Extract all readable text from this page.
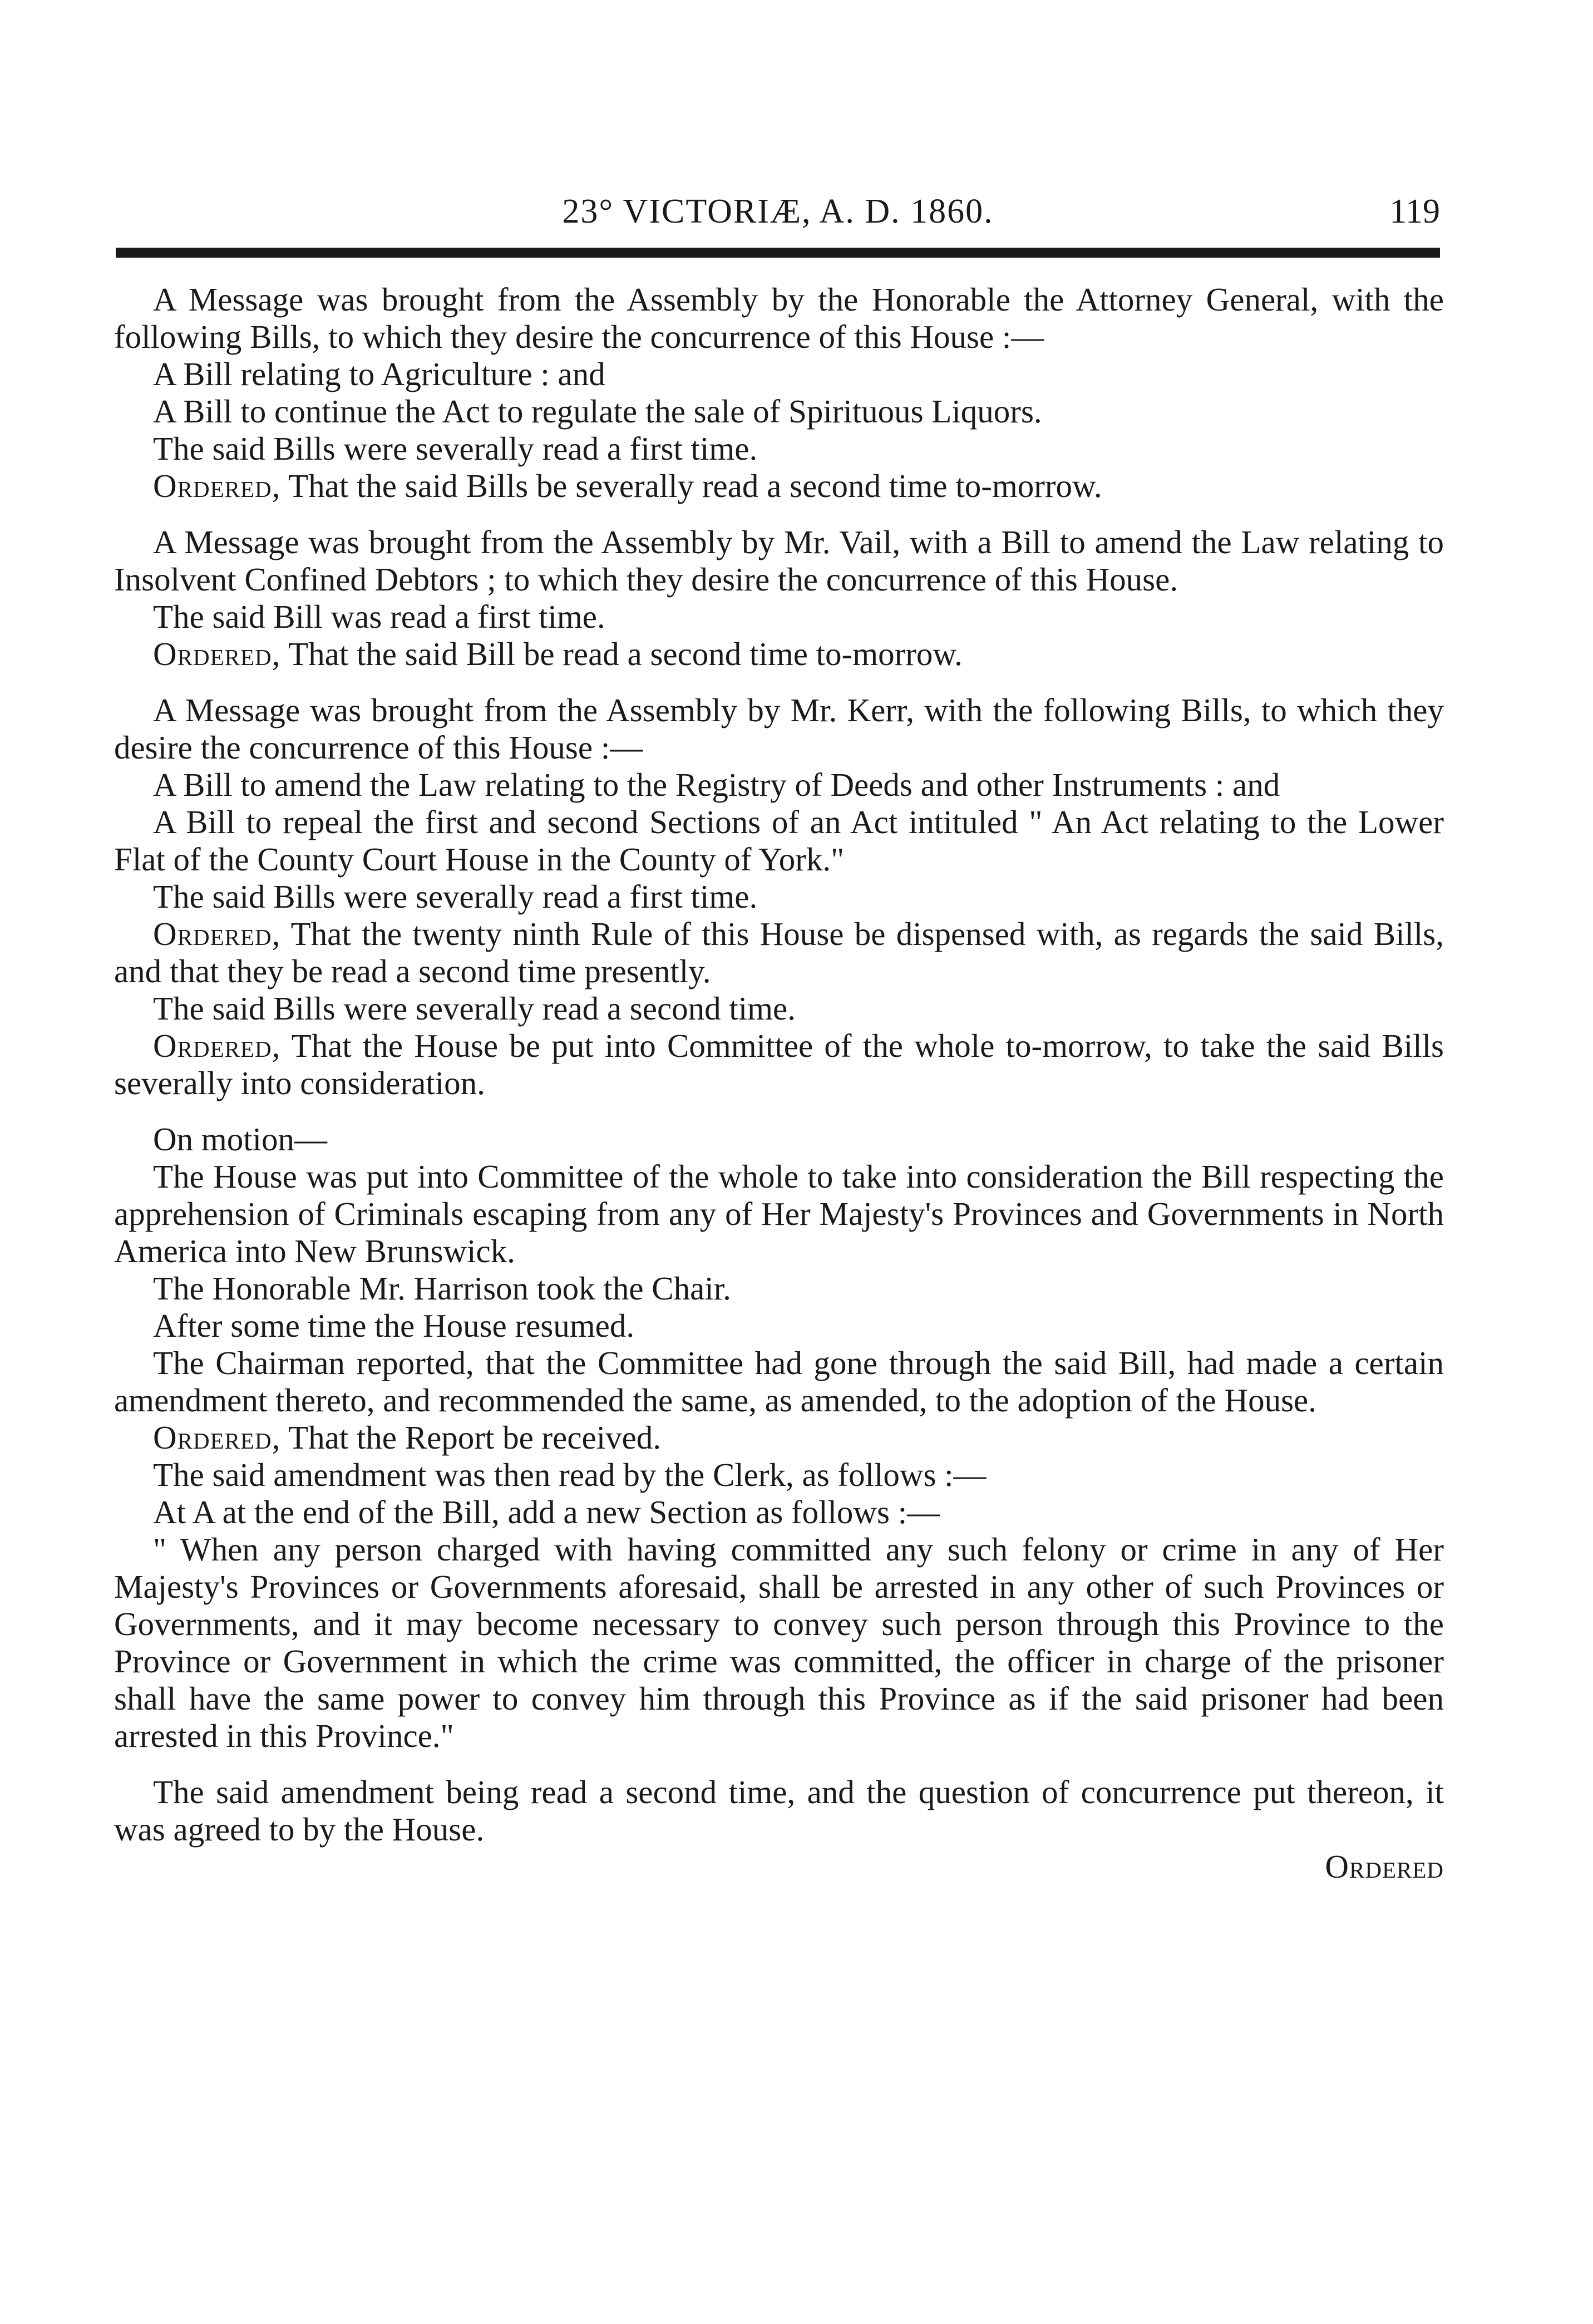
23° VICTORIÆ, A. D. 1860.	119

A Message was brought from the Assembly by the Honorable the Attorney General, with the following Bills, to which they desire the concurrence of this House :—

A Bill relating to Agriculture : and

A Bill to continue the Act to regulate the sale of Spirituous Liquors.

The said Bills were severally read a first time.

Ordered, That the said Bills be severally read a second time to-morrow.

A Message was brought from the Assembly by Mr. Vail, with a Bill to amend the Law relating to Insolvent Confined Debtors ; to which they desire the concurrence of this House.

The said Bill was read a first time.

Ordered, That the said Bill be read a second time to-morrow.

A Message was brought from the Assembly by Mr. Kerr, with the following Bills, to which they desire the concurrence of this House :—

A Bill to amend the Law relating to the Registry of Deeds and other Instruments : and

A Bill to repeal the first and second Sections of an Act intituled " An Act relating to the Lower Flat of the County Court House in the County of York."

The said Bills were severally read a first time.

Ordered, That the twenty ninth Rule of this House be dispensed with, as regards the said Bills, and that they be read a second time presently.

The said Bills were severally read a second time.

Ordered, That the House be put into Committee of the whole to-morrow, to take the said Bills severally into consideration.

On motion—

The House was put into Committee of the whole to take into consideration the Bill respecting the apprehension of Criminals escaping from any of Her Majesty's Provinces and Governments in North America into New Brunswick.

The Honorable Mr. Harrison took the Chair.

After some time the House resumed.

The Chairman reported, that the Committee had gone through the said Bill, had made a certain amendment thereto, and recommended the same, as amended, to the adoption of the House.

Ordered, That the Report be received.

The said amendment was then read by the Clerk, as follows :—

At A at the end of the Bill, add a new Section as follows :—

" When any person charged with having committed any such felony or crime in any of Her Majesty's Provinces or Governments aforesaid, shall be arrested in any other of such Provinces or Governments, and it may become necessary to convey such person through this Province to the Province or Government in which the crime was committed, the officer in charge of the prisoner shall have the same power to convey him through this Province as if the said prisoner had been arrested in this Province."

The said amendment being read a second time, and the question of concurrence put thereon, it was agreed to by the House.

Ordered
